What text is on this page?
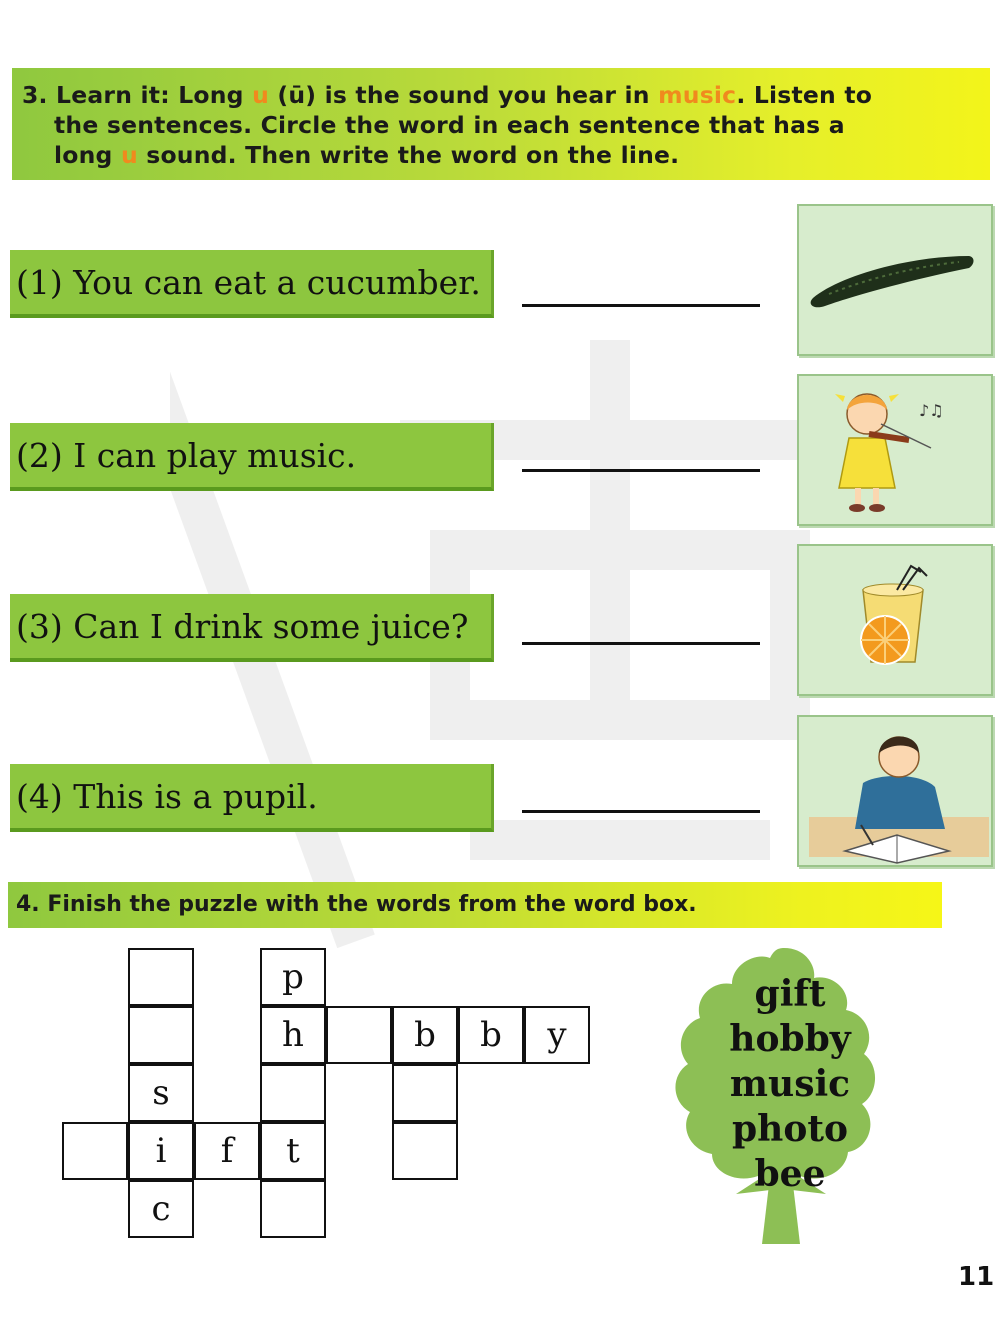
3. Learn it: Long u (ū) is the sound you hear in music. Listen to
the sentences. Circle the word in each sentence that has a
long u sound. Then write the word on the line.
(1) You can eat a cucumber.
(2) I can play music.
(3) Can I drink some juice?
(4) This is a pupil.
♪♫
4. Finish the puzzle with the words from the word box.
s
i
c
f
p
h
t
b	b	y
gift
hobby
music
photo
bee
11
